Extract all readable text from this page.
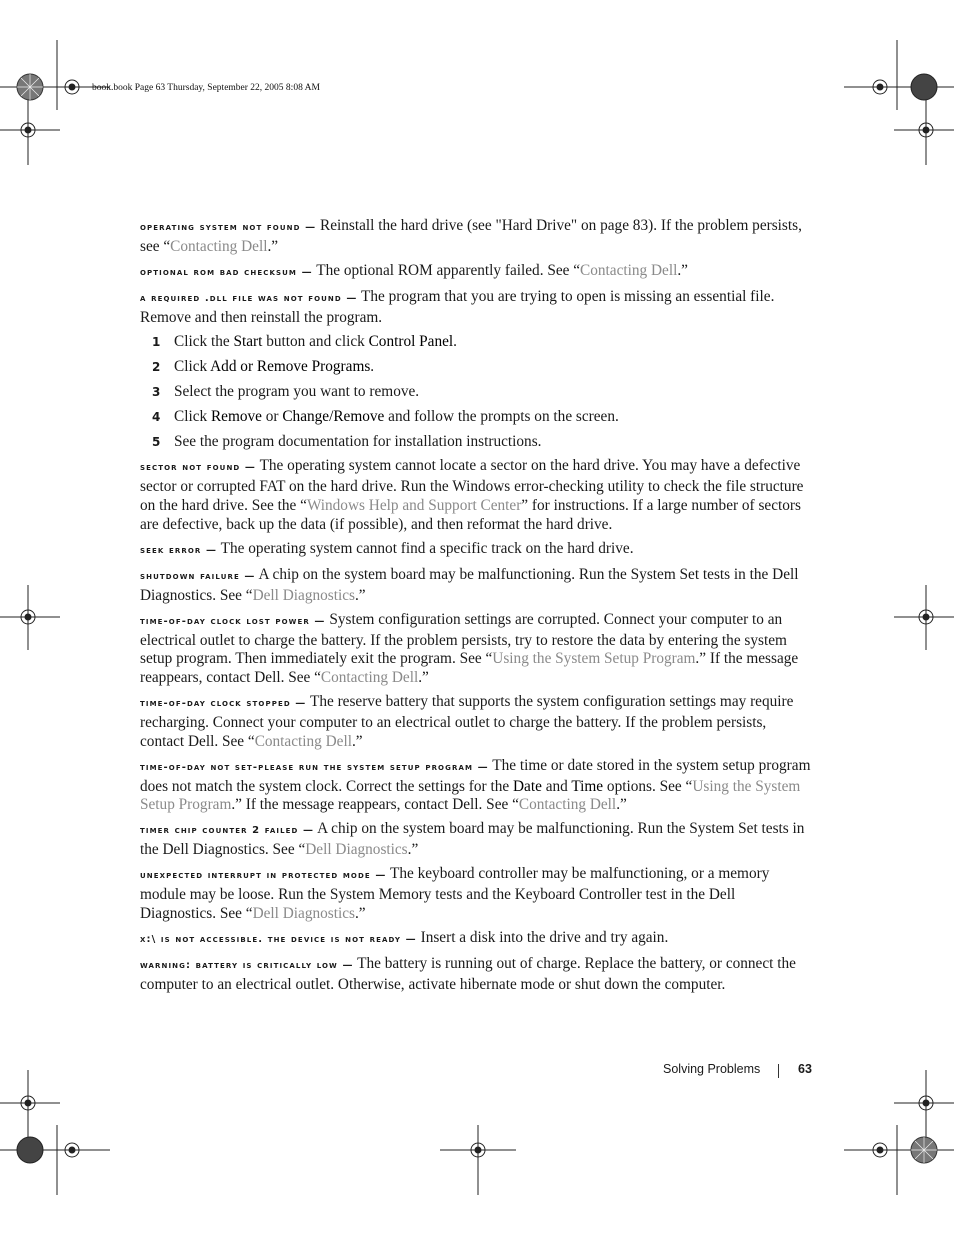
book.book Page 63 Thursday, September 22, 2005 8:08 AM

operating system not found — Reinstall the hard drive (see "Hard Drive" on page 83). If the problem persists, see “Contacting Dell.”

optional rom bad checksum — The optional ROM apparently failed. See “Contacting Dell.”

a required .dll file was not found — The program that you are trying to open is missing an essential file. Remove and then reinstall the program.

1 Click the Start button and click Control Panel.
2 Click Add or Remove Programs.
3 Select the program you want to remove.
4 Click Remove or Change/Remove and follow the prompts on the screen.
5 See the program documentation for installation instructions.

sector not found — The operating system cannot locate a sector on the hard drive. You may have a defective sector or corrupted FAT on the hard drive. Run the Windows error-checking utility to check the file structure on the hard drive. See the “Windows Help and Support Center” for instructions. If a large number of sectors are defective, back up the data (if possible), and then reformat the hard drive.

seek error — The operating system cannot find a specific track on the hard drive.

shutdown failure — A chip on the system board may be malfunctioning. Run the System Set tests in the Dell Diagnostics. See “Dell Diagnostics.”

time-of-day clock lost power — System configuration settings are corrupted. Connect your computer to an electrical outlet to charge the battery. If the problem persists, try to restore the data by entering the system setup program. Then immediately exit the program. See “Using the System Setup Program.” If the message reappears, contact Dell. See “Contacting Dell.”

time-of-day clock stopped — The reserve battery that supports the system configuration settings may require recharging. Connect your computer to an electrical outlet to charge the battery. If the problem persists, contact Dell. See “Contacting Dell.”

time-of-day not set-please run the system setup program — The time or date stored in the system setup program does not match the system clock. Correct the settings for the Date and Time options. See “Using the System Setup Program.” If the message reappears, contact Dell. See “Contacting Dell.”

timer chip counter 2 failed — A chip on the system board may be malfunctioning. Run the System Set tests in the Dell Diagnostics. See “Dell Diagnostics.”

unexpected interrupt in protected mode — The keyboard controller may be malfunctioning, or a memory module may be loose. Run the System Memory tests and the Keyboard Controller test in the Dell Diagnostics. See “Dell Diagnostics.”

x:\ is not accessible. the device is not ready — Insert a disk into the drive and try again.

warning: battery is critically low — The battery is running out of charge. Replace the battery, or connect the computer to an electrical outlet. Otherwise, activate hibernate mode or shut down the computer.

Solving Problems	63
